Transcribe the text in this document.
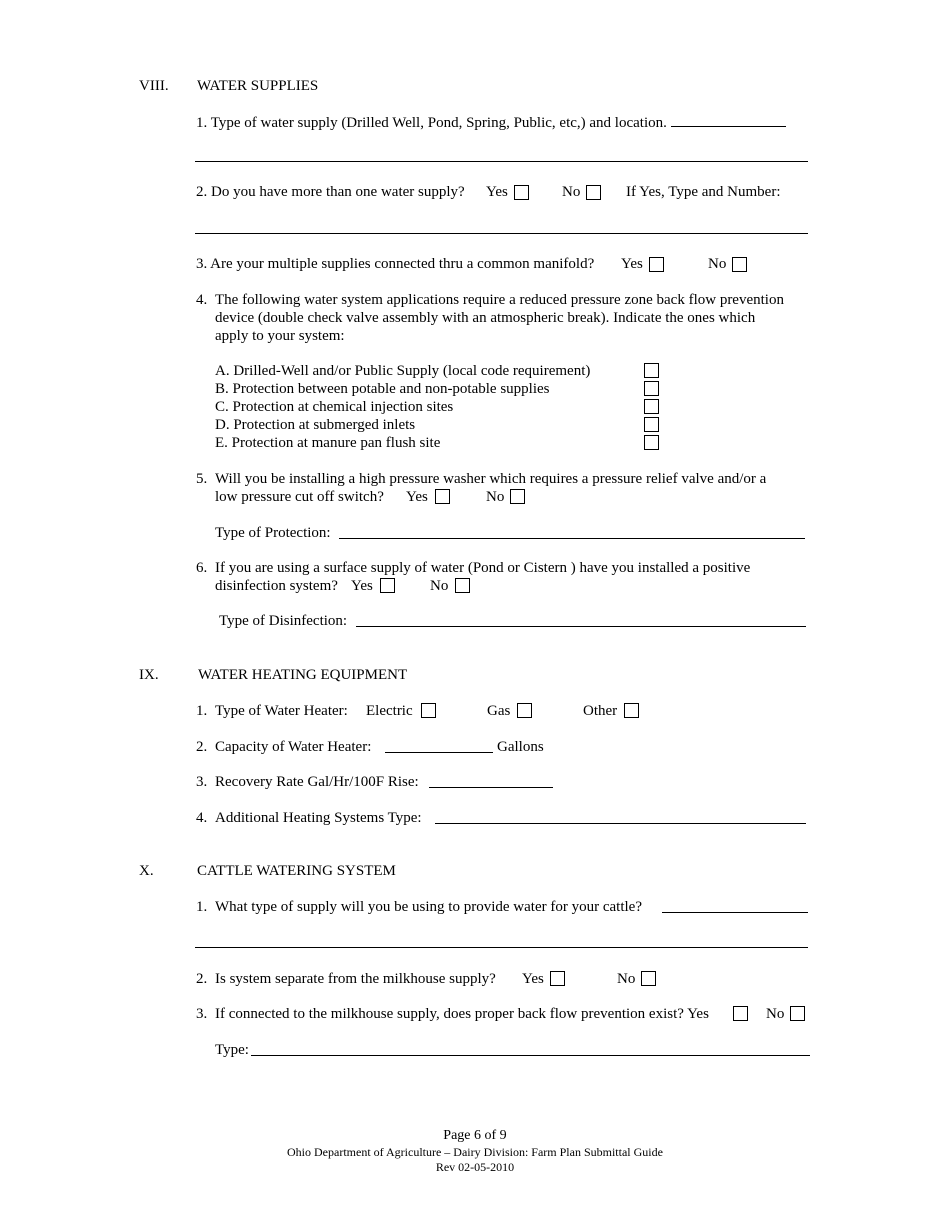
VIII. WATER SUPPLIES
1. Type of water supply (Drilled Well, Pond, Spring, Public, etc,) and location.
2. Do you have more than one water supply? Yes	No	If Yes, Type and Number:
3. Are your multiple supplies connected thru a common manifold? Yes	No
4. The following water system applications require a reduced pressure zone back flow prevention
device (double check valve assembly with an atmospheric break). Indicate the ones which
apply to your system:
A. Drilled-Well and/or Public Supply (local code requirement)
B. Protection between potable and non-potable supplies
C. Protection at chemical injection sites
D. Protection at submerged inlets
E. Protection at manure pan flush site
5. Will you be installing a high pressure washer which requires a pressure relief valve and/or a
low pressure cut off switch? Yes	No
Type of Protection:
6. If you are using a surface supply of water (Pond or Cistern ) have you installed a positive
disinfection system? Yes	No
Type of Disinfection:
IX.	WATER HEATING EQUIPMENT
1. Type of Water Heater: Electric	Gas	Other
2. Capacity of Water Heater:	Gallons
3. Recovery Rate Gal/Hr/100F Rise:
4. Additional Heating Systems Type:
X.	CATTLE WATERING SYSTEM
1. What type of supply will you be using to provide water for your cattle?
2. Is system separate from the milkhouse supply? Yes	No
3. If connected to the milkhouse supply, does proper back flow prevention exist? Yes	No
Type:
Page 6 of 9
Ohio Department of Agriculture – Dairy Division: Farm Plan Submittal Guide
Rev 02-05-2010
